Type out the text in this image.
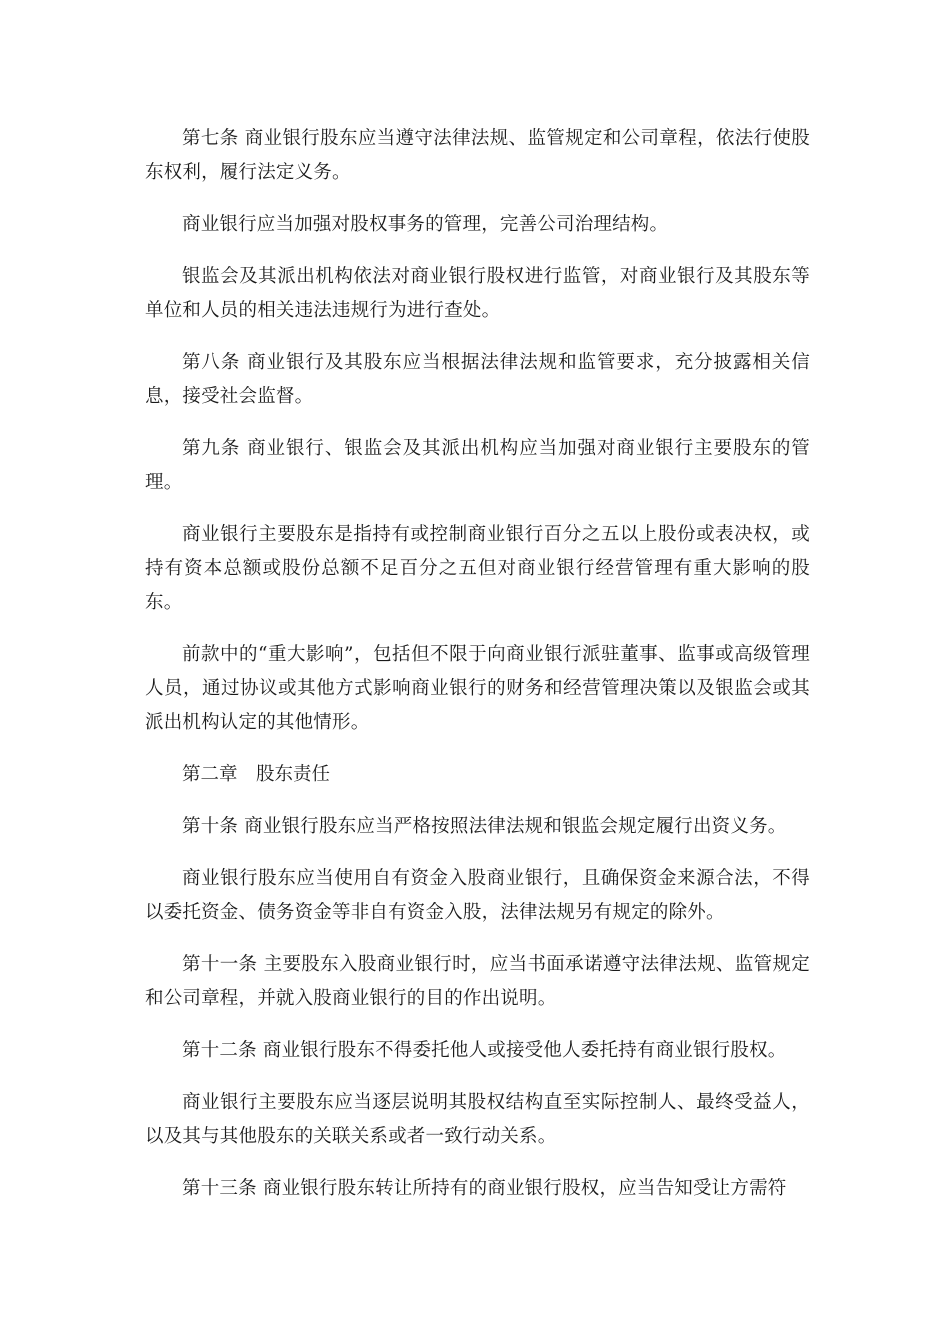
第七条 商业银行股东应当遵守法律法规、监管规定和公司章程，依法行使股东权利，履行法定义务。

商业银行应当加强对股权事务的管理，完善公司治理结构。

银监会及其派出机构依法对商业银行股权进行监管，对商业银行及其股东等单位和人员的相关违法违规行为进行查处。

第八条 商业银行及其股东应当根据法律法规和监管要求，充分披露相关信息，接受社会监督。

第九条 商业银行、银监会及其派出机构应当加强对商业银行主要股东的管理。

商业银行主要股东是指持有或控制商业银行百分之五以上股份或表决权，或持有资本总额或股份总额不足百分之五但对商业银行经营管理有重大影响的股东。

前款中的“重大影响”，包括但不限于向商业银行派驻董事、监事或高级管理人员，通过协议或其他方式影响商业银行的财务和经营管理决策以及银监会或其派出机构认定的其他情形。

第二章　股东责任

第十条 商业银行股东应当严格按照法律法规和银监会规定履行出资义务。

商业银行股东应当使用自有资金入股商业银行，且确保资金来源合法，不得以委托资金、债务资金等非自有资金入股，法律法规另有规定的除外。

第十一条 主要股东入股商业银行时，应当书面承诺遵守法律法规、监管规定和公司章程，并就入股商业银行的目的作出说明。

第十二条 商业银行股东不得委托他人或接受他人委托持有商业银行股权。

商业银行主要股东应当逐层说明其股权结构直至实际控制人、最终受益人，以及其与其他股东的关联关系或者一致行动关系。

第十三条 商业银行股东转让所持有的商业银行股权，应当告知受让方需符
